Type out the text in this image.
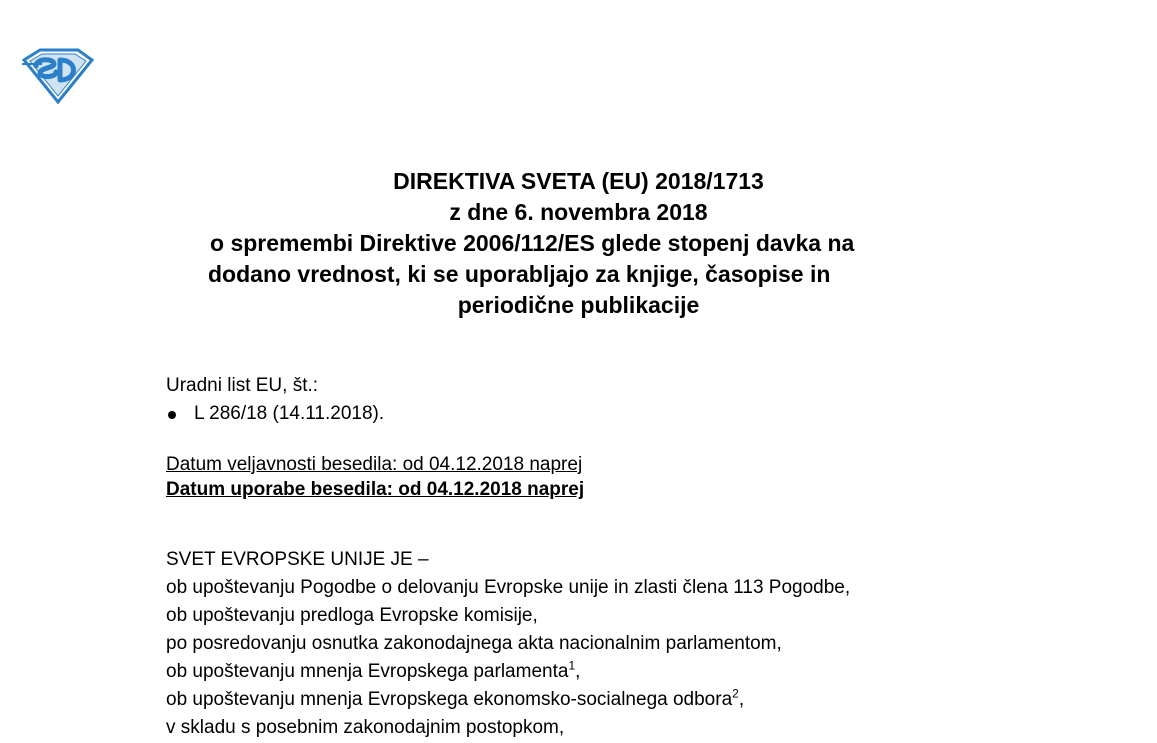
DIREKTIVA SVETA (EU) 2018/1713
z dne 6. novembra 2018
o spremembi Direktive 2006/112/ES glede stopenj davka na
dodano vrednost, ki se uporabljajo za knjige, časopise in
periodične publikacije
Uradni list EU, št.:
L 286/18 (14.11.2018).
Datum veljavnosti besedila: od 04.12.2018 naprej
Datum uporabe besedila: od 04.12.2018 naprej
SVET EVROPSKE UNIJE JE –
ob upoštevanju Pogodbe o delovanju Evropske unije in zlasti člena 113 Pogodbe,
ob upoštevanju predloga Evropske komisije,
po posredovanju osnutka zakonodajnega akta nacionalnim parlamentom,
ob upoštevanju mnenja Evropskega parlamenta$^1$,
ob upoštevanju mnenja Evropskega ekonomsko-socialnega odbora$^2$,
v skladu s posebnim zakonodajnim postopkom,
